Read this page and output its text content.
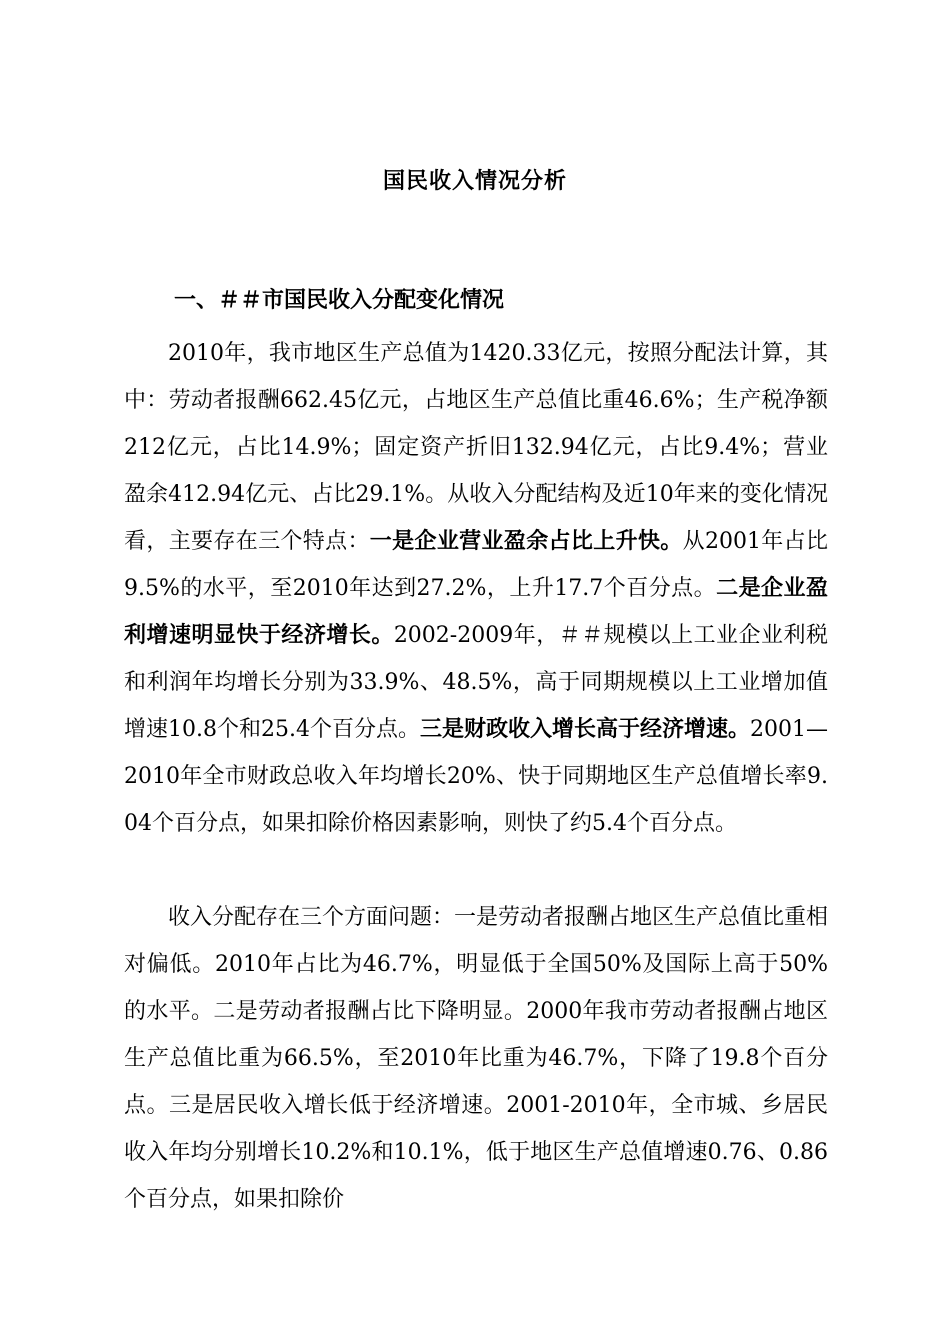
国民收入情况分析
一、＃＃市国民收入分配变化情况

2010年，我市地区生产总值为1420.33亿元，按照分配法计算，其中：劳动者报酬662.45亿元，占地区生产总值比重46.6%；生产税净额212亿元，占比14.9%；固定资产折旧132.94亿元，占比9.4%；营业盈余412.94亿元、占比29.1%。从收入分配结构及近10年来的变化情况看，主要存在三个特点：一是企业营业盈余占比上升快。从2001年占比9.5%的水平，至2010年达到27.2%，上升17.7个百分点。二是企业盈利增速明显快于经济增长。2002-2009年，＃＃规模以上工业企业利税和利润年均增长分别为33.9%、48.5%，高于同期规模以上工业增加值增速10.8个和25.4个百分点。三是财政收入增长高于经济增速。2001—2010年全市财政总收入年均增长20%、快于同期地区生产总值增长率9.04个百分点，如果扣除价格因素影响，则快了约5.4个百分点。

收入分配存在三个方面问题：一是劳动者报酬占地区生产总值比重相对偏低。2010年占比为46.7%，明显低于全国50%及国际上高于50%的水平。二是劳动者报酬占比下降明显。2000年我市劳动者报酬占地区生产总值比重为66.5%，至2010年比重为46.7%，下降了19.8个百分点。三是居民收入增长低于经济增速。2001-2010年，全市城、乡居民收入年均分别增长10.2%和10.1%，低于地区生产总值增速0.76、0.86个百分点，如果扣除价
